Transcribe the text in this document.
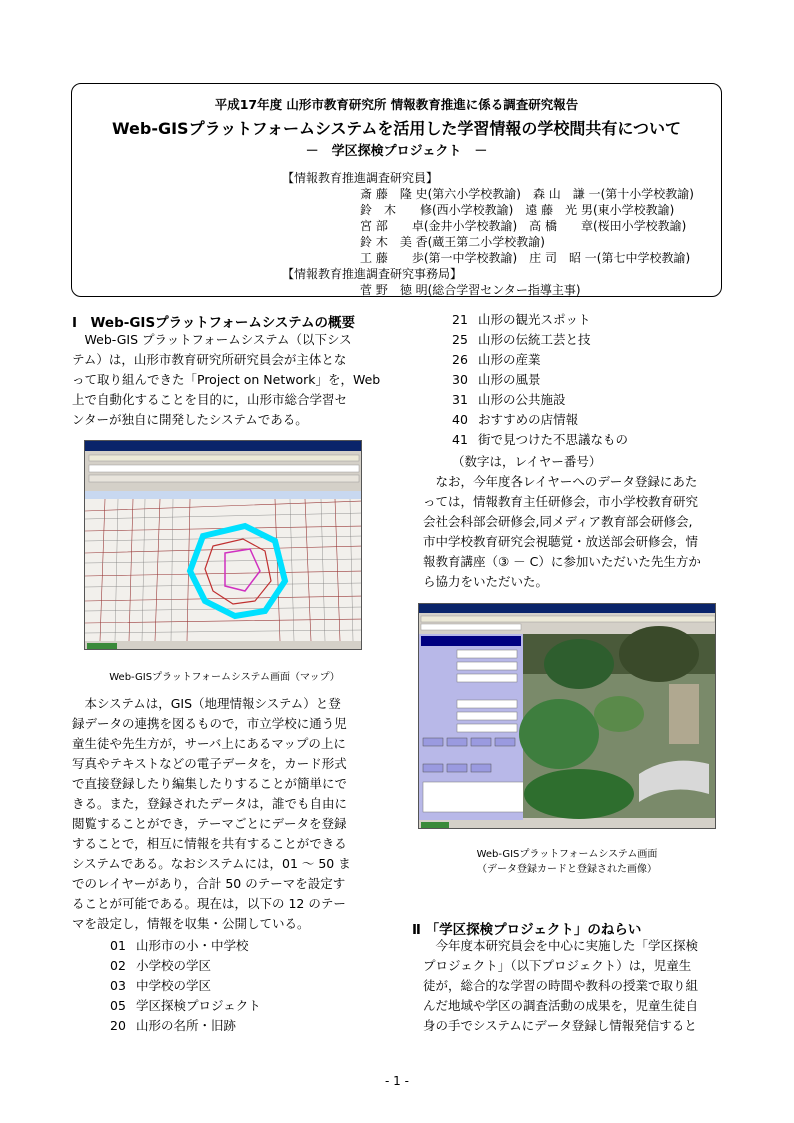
平成17年度 山形市教育研究所 情報教育推進に係る調査研究報告
Web-GISプラットフォームシステムを活用した学習情報の学校間共有について
－　学区探検プロジェクト　－
【情報教育推進調査研究員】
斎 藤　隆 史(第六小学校教諭)　森 山　謙 一(第十小学校教諭)
鈴　木　　修(西小学校教諭)　遠 藤　光 男(東小学校教諭)
宮 部　　卓(金井小学校教諭)　高 橋　　章(桜田小学校教諭)
鈴 木　美 香(蔵王第二小学校教諭)
工 藤　　歩(第一中学校教諭)　庄 司　昭 一(第七中学校教諭)
【情報教育推進調査研究事務局】
菅 野　徳 明(総合学習センター指導主事)
Ⅰ　Web-GISプラットフォームシステムの概要
　Web-GIS プラットフォームシステム（以下シス
テム）は，山形市教育研究所研究員会が主体とな
って取り組んできた「Project on Network」を，Web
上で自動化することを目的に，山形市総合学習セ
ンターが独自に開発したシステムである。
Web-GISプラットフォームシステム画面（マップ）
　本システムは，GIS（地理情報システム）と登
録データの連携を図るもので，市立学校に通う児
童生徒や先生方が，サーバ上にあるマップの上に
写真やテキストなどの電子データを，カード形式
で直接登録したり編集したりすることが簡単にで
きる。また，登録されたデータは，誰でも自由に
閲覧することができ，テーマごとにデータを登録
することで，相互に情報を共有することができる
システムである。なおシステムには，01 ～ 50 ま
でのレイヤーがあり，合計 50 のテーマを設定す
ることが可能である。現在は，以下の 12 のテー
マを設定し，情報を収集・公開している。
01 山形市の小・中学校
02 小学校の学区
03 中学校の学区
05 学区探検プロジェクト
20 山形の名所・旧跡
21 山形の観光スポット
25 山形の伝統工芸と技
26 山形の産業
30 山形の風景
31 山形の公共施設
40 おすすめの店情報
41 街で見つけた不思議なもの
（数字は，レイヤー番号）
　なお，今年度各レイヤーへのデータ登録にあた
っては，情報教育主任研修会，市小学校教育研究
会社会科部会研修会,同メディア教育部会研修会,
市中学校教育研究会視聴覚・放送部会研修会，情
報教育講座（③ － C）に参加いただいた先生方か
ら協力をいただいた。
Web-GISプラットフォームシステム画面
（データ登録カードと登録された画像）
Ⅱ 「学区探検プロジェクト」のねらい
　今年度本研究員会を中心に実施した「学区探検
プロジェクト」（以下プロジェクト）は，児童生
徒が，総合的な学習の時間や教科の授業で取り組
んだ地域や学区の調査活動の成果を，児童生徒自
身の手でシステムにデータ登録し情報発信すると
- 1 -
